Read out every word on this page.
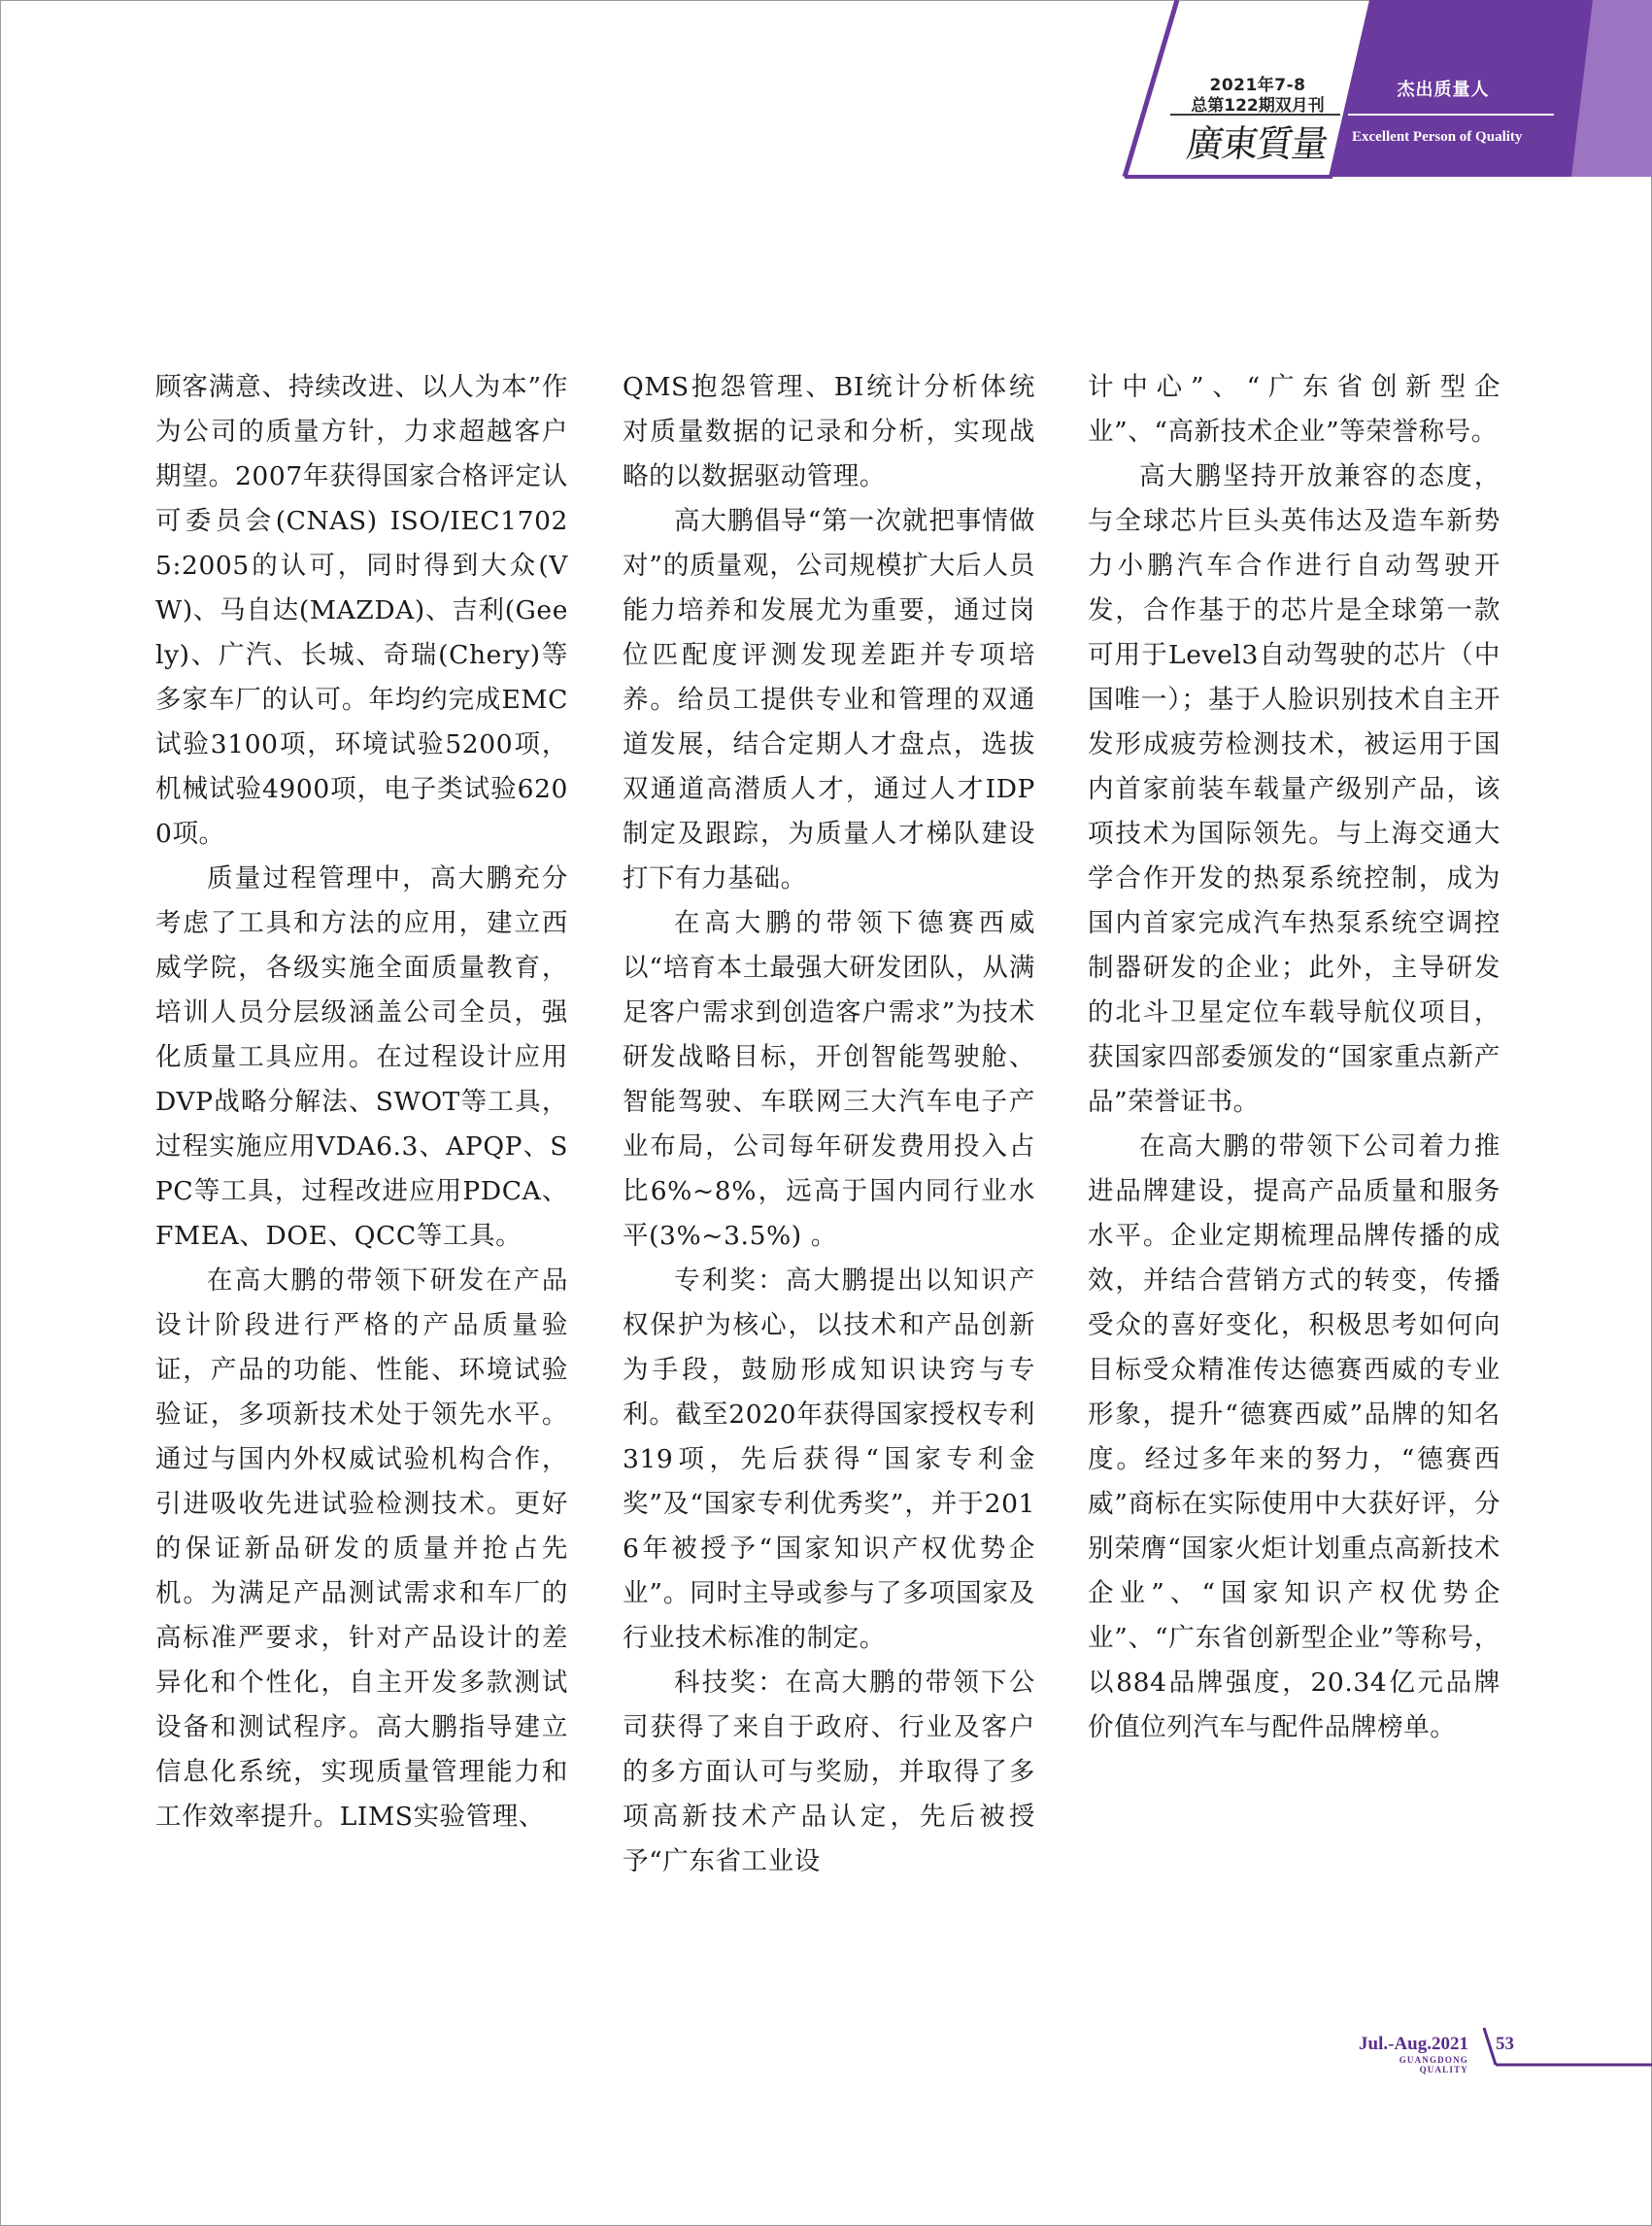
2021年7-8
总第122期双月刊
廣
東
質
量
杰出质量人
Excellent Person of Quality

顾客满意、持续改进、以人为本”作为公司的质量方针，力求超越客户期望。2007年获得国家合格评定认可委员会(CNAS) ISO/IEC17025:2005的认可，同时得到大众(VW)、马自达(MAZDA)、吉利(Geely)、广汽、长城、奇瑞(Chery)等多家车厂的认可。年均约完成EMC试验3100项，环境试验5200项，机械试验4900项，电子类试验6200项。

质量过程管理中，高大鹏充分考虑了工具和方法的应用，建立西威学院，各级实施全面质量教育，培训人员分层级涵盖公司全员，强化质量工具应用。在过程设计应用DVP战略分解法、SWOT等工具，过程实施应用VDA6.3、APQP、SPC等工具，过程改进应用PDCA、FMEA、DOE、QCC等工具。

在高大鹏的带领下研发在产品设计阶段进行严格的产品质量验证，产品的功能、性能、环境试验验证，多项新技术处于领先水平。通过与国内外权威试验机构合作，引进吸收先进试验检测技术。更好的保证新品研发的质量并抢占先机。为满足产品测试需求和车厂的高标准严要求，针对产品设计的差异化和个性化，自主开发多款测试设备和测试程序。高大鹏指导建立信息化系统，实现质量管理能力和工作效率提升。LIMS实验管理、

QMS抱怨管理、BI统计分析体统对质量数据的记录和分析，实现战略的以数据驱动管理。

高大鹏倡导“第一次就把事情做对”的质量观，公司规模扩大后人员能力培养和发展尤为重要，通过岗位匹配度评测发现差距并专项培养。给员工提供专业和管理的双通道发展，结合定期人才盘点，选拔双通道高潜质人才，通过人才IDP制定及跟踪，为质量人才梯队建设打下有力基础。

在高大鹏的带领下德赛西威以“培育本土最强大研发团队，从满足客户需求到创造客户需求”为技术研发战略目标，开创智能驾驶舱、智能驾驶、车联网三大汽车电子产业布局，公司每年研发费用投入占比6%~8%，远高于国内同行业水平(3%~3.5%) 。

专利奖：高大鹏提出以知识产权保护为核心，以技术和产品创新为手段，鼓励形成知识诀窍与专利。截至2020年获得国家授权专利319项，先后获得“国家专利金奖”及“国家专利优秀奖”，并于2016年被授予“国家知识产权优势企业”。同时主导或参与了多项国家及行业技术标准的制定。

科技奖：在高大鹏的带领下公司获得了来自于政府、行业及客户的多方面认可与奖励，并取得了多项高新技术产品认定，先后被授予“广东省工业设

计中心”、“广东省创新型企业”、“高新技术企业”等荣誉称号。

高大鹏坚持开放兼容的态度，与全球芯片巨头英伟达及造车新势力小鹏汽车合作进行自动驾驶开发，合作基于的芯片是全球第一款可用于Level3自动驾驶的芯片（中国唯一）；基于人脸识别技术自主开发形成疲劳检测技术，被运用于国内首家前装车载量产级别产品，该项技术为国际领先。与上海交通大学合作开发的热泵系统控制，成为国内首家完成汽车热泵系统空调控制器研发的企业；此外，主导研发的北斗卫星定位车载导航仪项目，获国家四部委颁发的“国家重点新产品”荣誉证书。

在高大鹏的带领下公司着力推进品牌建设，提高产品质量和服务水平。企业定期梳理品牌传播的成效，并结合营销方式的转变，传播受众的喜好变化，积极思考如何向目标受众精准传达德赛西威的专业形象，提升“德赛西威”品牌的知名度。经过多年来的努力，“德赛西威”商标在实际使用中大获好评，分别荣膺“国家火炬计划重点高新技术企业”、“国家知识产权优势企业”、“广东省创新型企业”等称号，以884品牌强度，20.34亿元品牌价值位列汽车与配件品牌榜单。

Jul.-Aug.2021
GUANGDONG QUALITY
53
